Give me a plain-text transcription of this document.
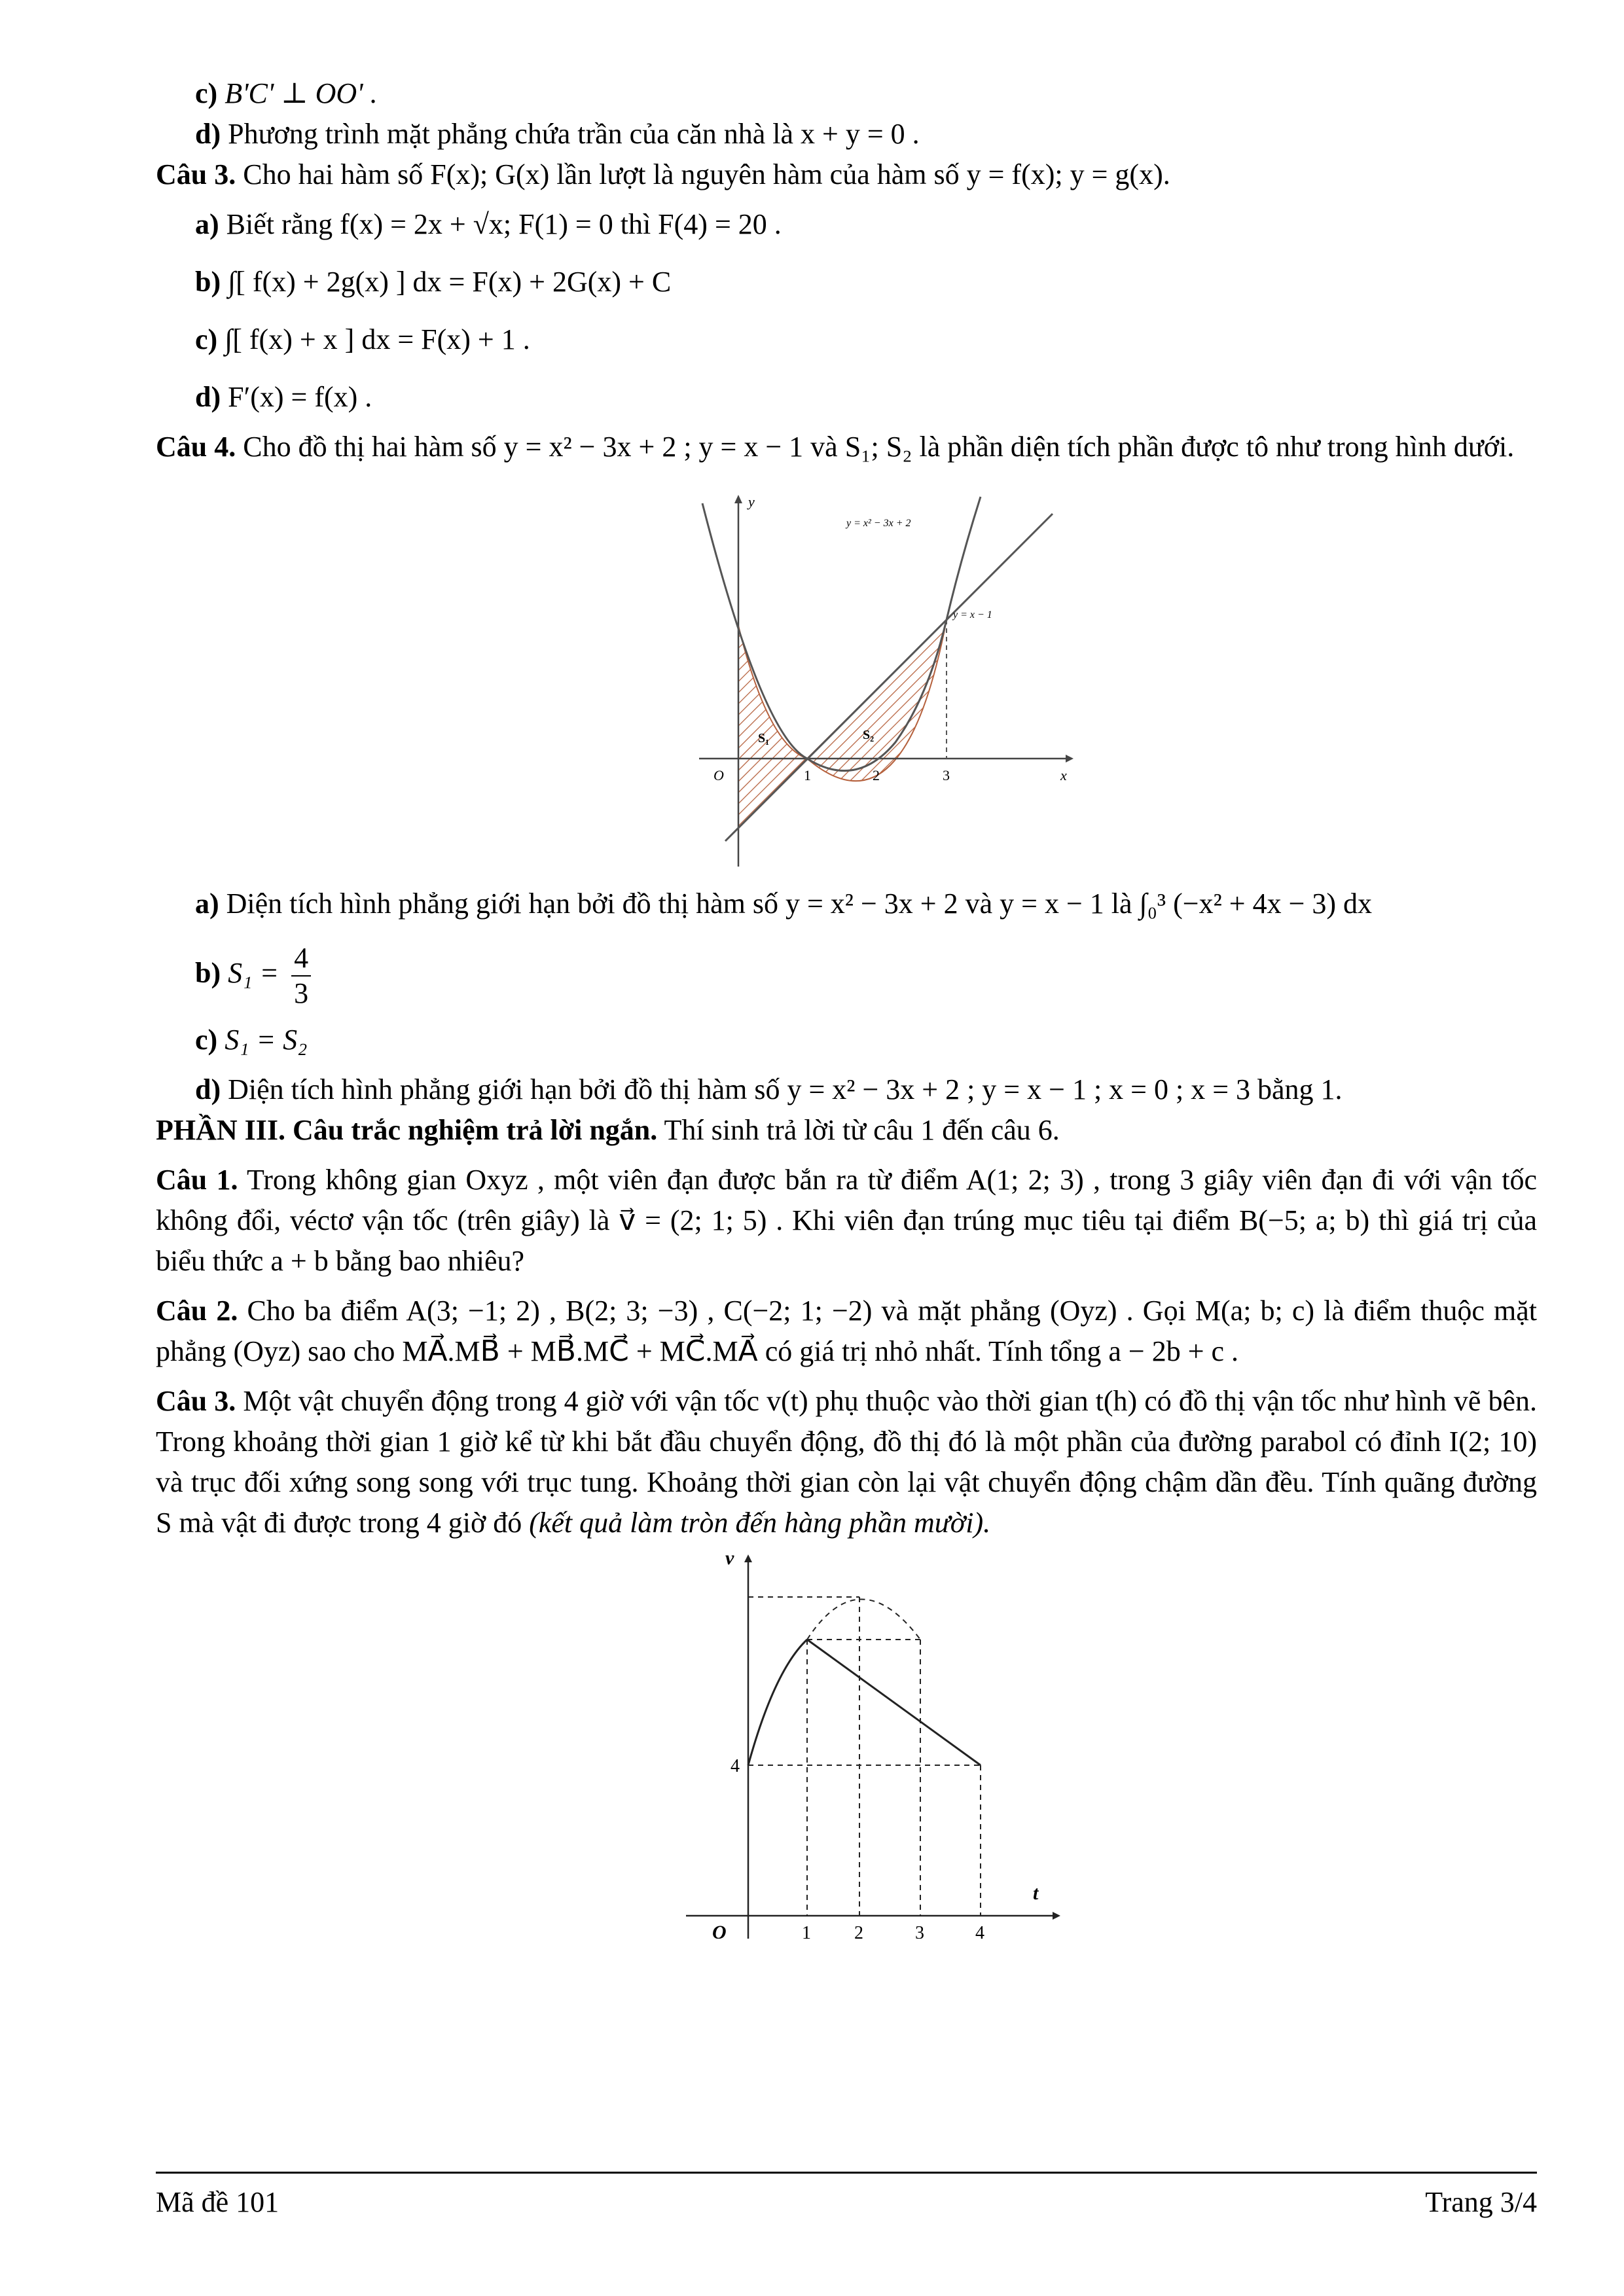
c) B'C' ⊥ OO' .
d) Phương trình mặt phẳng chứa trần của căn nhà là x + y = 0 .
Câu 3. Cho hai hàm số F(x); G(x) lần lượt là nguyên hàm của hàm số y = f(x); y = g(x).
a) Biết rằng f(x) = 2x + √x; F(1) = 0 thì F(4) = 20 .
b) ∫[ f(x) + 2g(x) ] dx = F(x) + 2G(x) + C
c) ∫[ f(x) + x ] dx = F(x) + 1 .
d) F′(x) = f(x) .
Câu 4. Cho đồ thị hai hàm số y = x² − 3x + 2 ; y = x − 1 và S₁; S₂ là phần diện tích phần được tô như trong hình dưới.
y
x
O	1	2	3
S₁	S₂
y = x² − 3x + 2
y = x − 1
a) Diện tích hình phẳng giới hạn bởi đồ thị hàm số y = x² − 3x + 2 và y = x − 1 là ∫₀³ (−x² + 4x − 3) dx
b) $S_1 = \frac{4}{3}$
c) S₁ = S₂
d) Diện tích hình phẳng giới hạn bởi đồ thị hàm số y = x² − 3x + 2 ; y = x − 1 ; x = 0 ; x = 3 bằng 1.
PHẦN III. Câu trắc nghiệm trả lời ngắn. Thí sinh trả lời từ câu 1 đến câu 6.
Câu 1. Trong không gian Oxyz , một viên đạn được bắn ra từ điểm A(1; 2; 3) , trong 3 giây viên đạn đi với vận tốc không đổi, véctơ vận tốc (trên giây) là v⃗ = (2; 1; 5) . Khi viên đạn trúng mục tiêu tại điểm B(−5; a; b) thì giá trị của biểu thức a + b bằng bao nhiêu?
Câu 2. Cho ba điểm A(3; −1; 2) , B(2; 3; −3) , C(−2; 1; −2) và mặt phẳng (Oyz) . Gọi M(a; b; c) là điểm thuộc mặt phẳng (Oyz) sao cho MA⃗.MB⃗ + MB⃗.MC⃗ + MC⃗.MA⃗ có giá trị nhỏ nhất. Tính tổng a − 2b + c .
Câu 3. Một vật chuyển động trong 4 giờ với vận tốc v(t) phụ thuộc vào thời gian t(h) có đồ thị vận tốc như hình vẽ bên. Trong khoảng thời gian 1 giờ kể từ khi bắt đầu chuyển động, đồ thị đó là một phần của đường parabol có đỉnh I(2; 10) và trục đối xứng song song với trục tung. Khoảng thời gian còn lại vật chuyển động chậm dần đều. Tính quãng đường S mà vật đi được trong 4 giờ đó (kết quả làm tròn đến hàng phần mười).
v
t
O
4
1 2	3	4
Mã đề 101	Trang 3/4
